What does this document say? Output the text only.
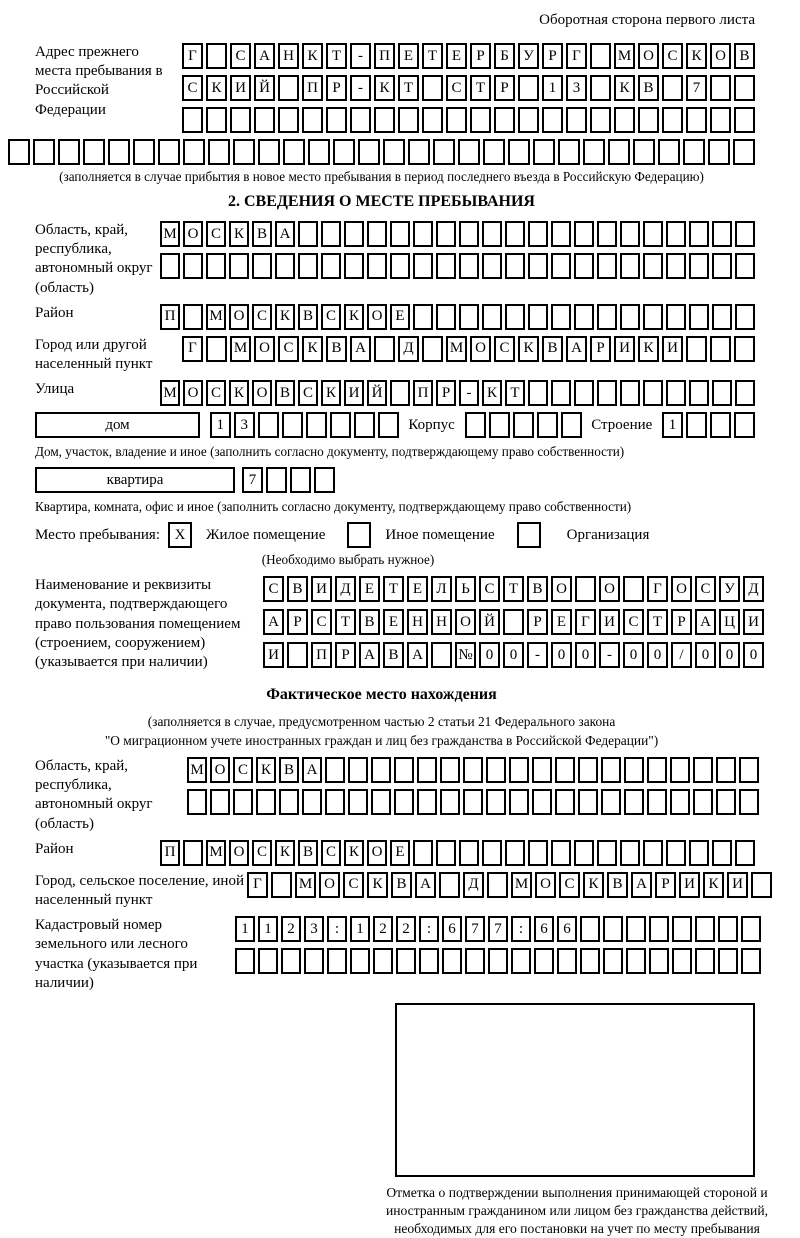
Оборотная сторона первого листа
Адрес прежнего места пребывания в Российской Федерации
Г	С А Н К Т	-	П Е Т Е	Р	Б У Р	Г	М О С К О В
С К И Й	П Р	-	К Т	С Т	Р	1	3	К В	7
(заполняется в случае прибытия в новое место пребывания в период последнего въезда в Российскую Федерацию)
2. СВЕДЕНИЯ О МЕСТЕ ПРЕБЫВАНИЯ
Область, край, республика, автономный округ (область)
М О С К В А
Район	П	М О С К В С К О Е
Город или другой населенный пункт
Г	М О С К В А	Д	М О С К В А Р И К И
Улица	М О С К О В С К И Й	П Р	-	К Т
дом	1	3	Корпус	Строение	1
Дом, участок, владение и иное (заполнить согласно документу, подтверждающему право собственности)
квартира	7
Квартира, комната, офис и иное (заполнить согласно документу, подтверждающему право собственности)
Место пребывания: X	Жилое помещение	Иное помещение	Организация
(Необходимо выбрать нужное)
Наименование и реквизиты документа, подтверждающего право пользования помещением (строением, сооружением) (указывается при наличии)
С В И Д Е Т Е Л Ь С Т В О	О	Г О С У Д
А Р С Т В Е Н Н О Й	Р	Е	Г И С Т	Р А Ц И
И	П Р А В А	№ 0	0	-	0	0	-	0	0	/	0	0	0
Фактическое место нахождения
(заполняется в случае, предусмотренном частью 2 статьи 21 Федерального закона
"О миграционном учете иностранных граждан и лиц без гражданства в Российской Федерации")
Область, край, республика, автономный округ (область)
М О С К В А
Район	П	М О С К В С К О Е
Город, сельское поселение, иной населенный пункт
Г	М О С К В А	Д	М О С К В А Р И К И
Кадастровый номер земельного или лесного участка (указывается при наличии)
1	1	2	3	:	1	2	2	:	6	7	7	:	6	6
Отметка о подтверждении выполнения принимающей стороной и иностранным гражданином или лицом без гражданства действий, необходимых для его постановки на учет по месту пребывания
